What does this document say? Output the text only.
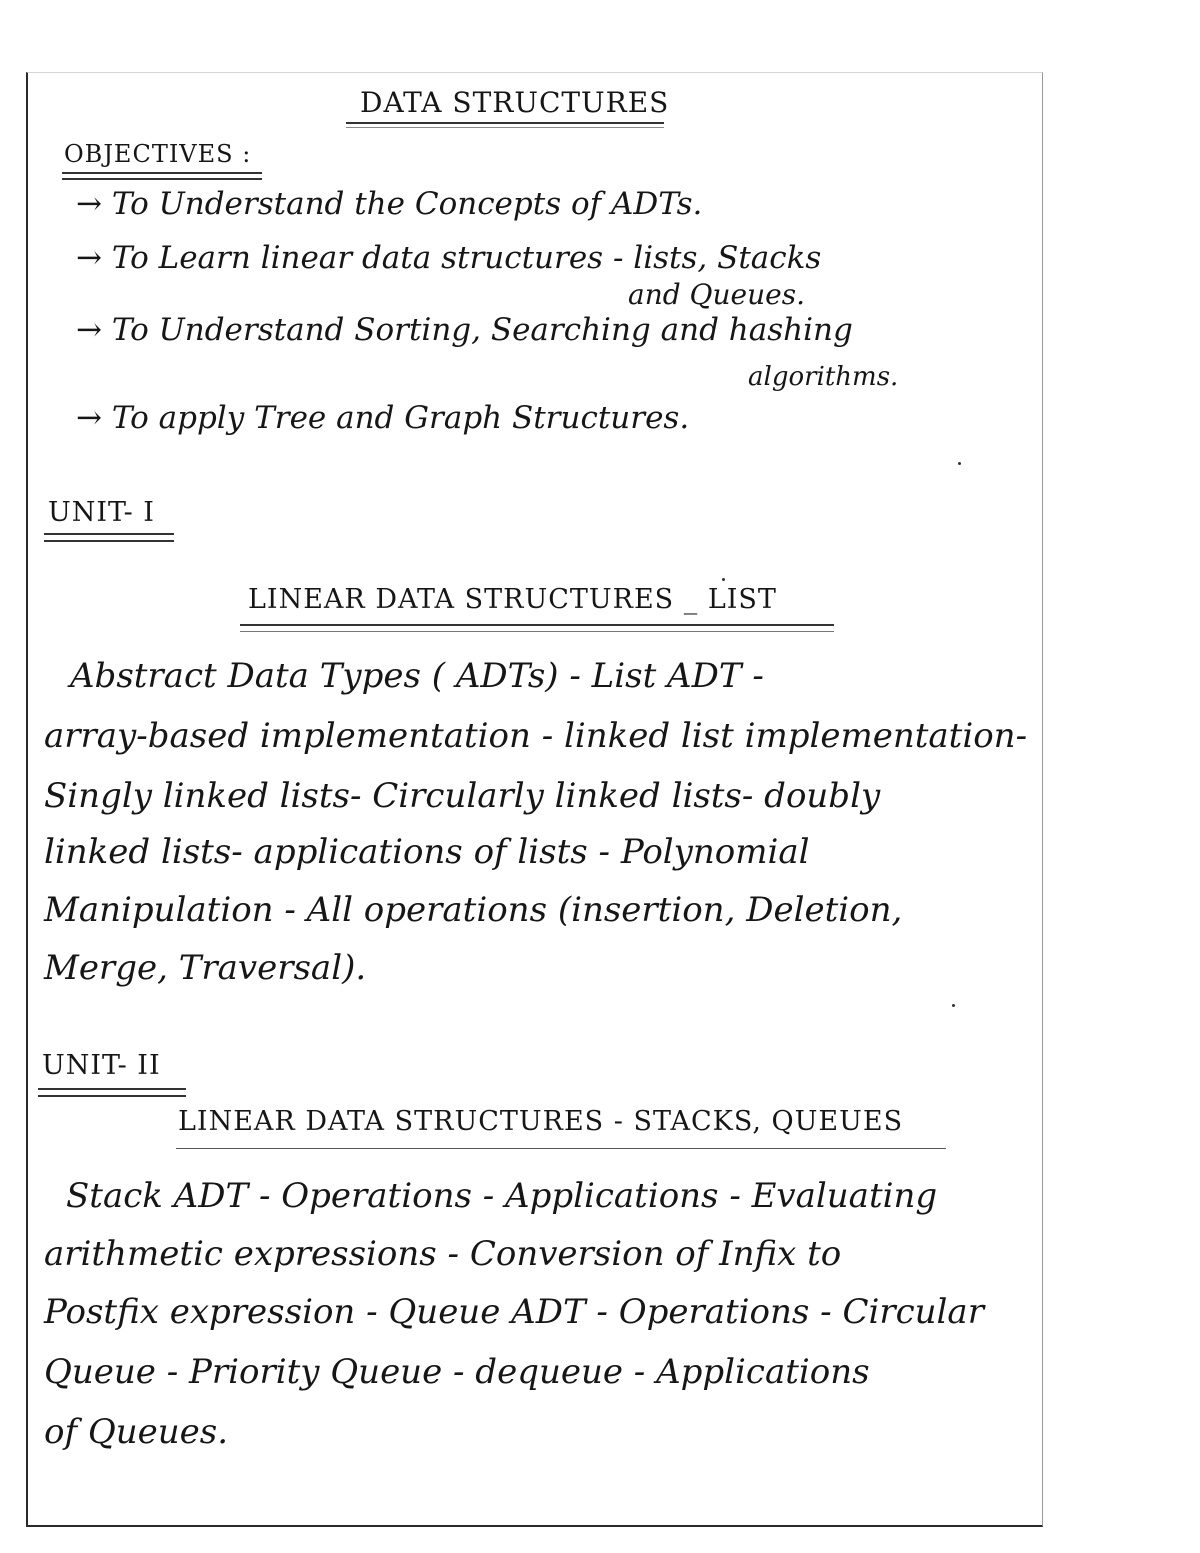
DATA STRUCTURES
OBJECTIVES :
→ To Understand the Concepts of ADTs.
→ To Learn linear data structures - lists, Stacks
and Queues.
→ To Understand Sorting, Searching and hashing
algorithms.
→ To apply Tree and Graph Structures.
UNIT- I
LINEAR DATA STRUCTURES _ LIST
Abstract Data Types ( ADTs) - List ADT -
array-based implementation - linked list implementation-
Singly linked lists- Circularly linked lists- doubly
linked lists- applications of lists - Polynomial
Manipulation - All operations (insertion, Deletion,
Merge, Traversal).
UNIT- II
LINEAR DATA STRUCTURES - STACKS, QUEUES
Stack ADT - Operations - Applications - Evaluating
arithmetic expressions - Conversion of Infix to
Postfix expression - Queue ADT - Operations - Circular
Queue - Priority Queue - dequeue - Applications
of Queues.
